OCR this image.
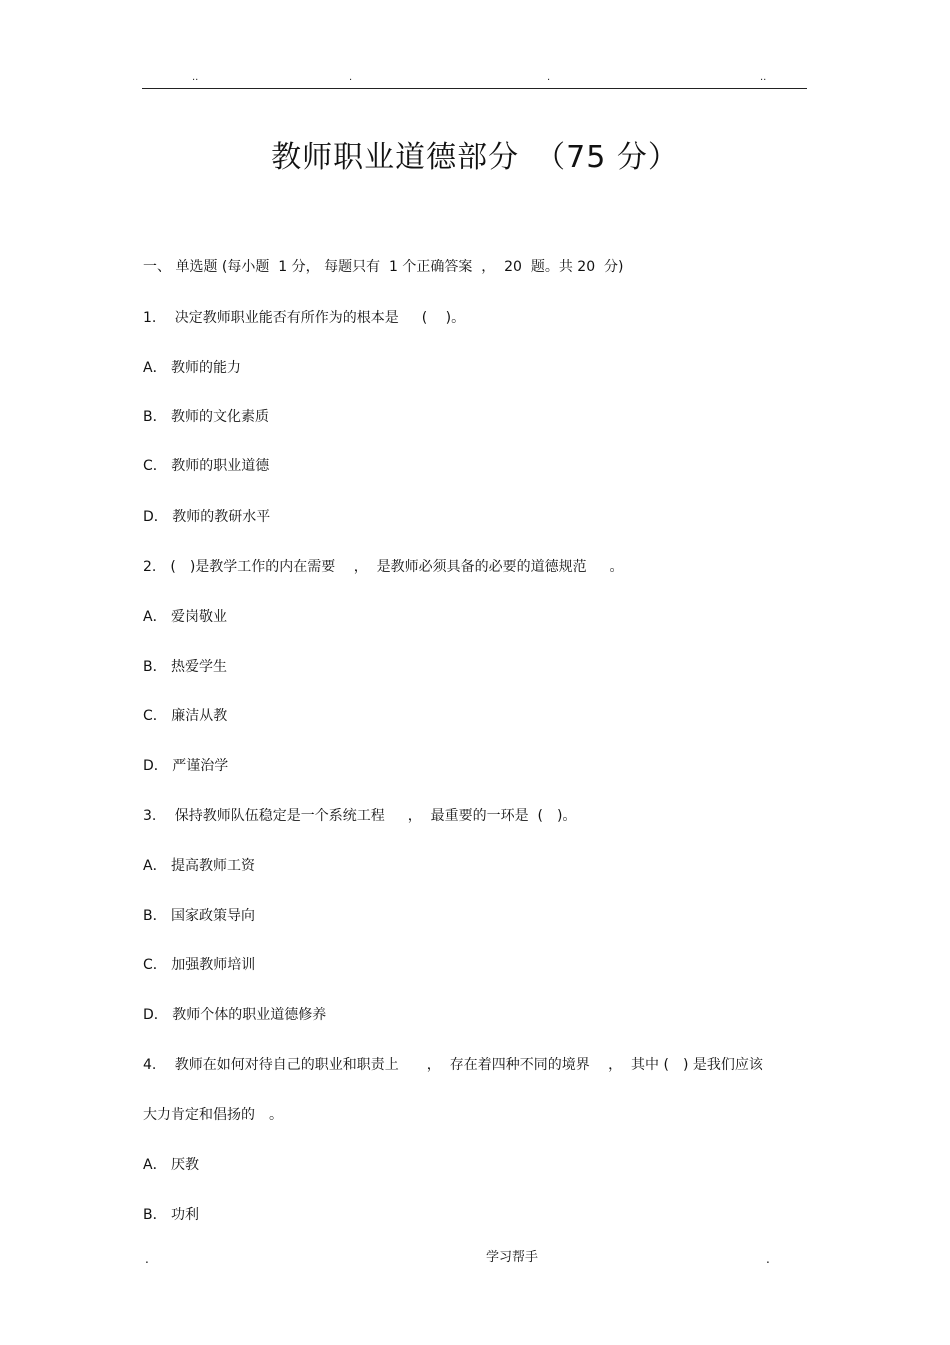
..	.	.	..
教师职业道德部分　（75 分）
一、 单选题 (每小题  1 分， 每题只有  1 个正确答案  ，  20  题。共 20  分)
1.　 决定教师职业能否有所作为的根本是　  (　 )。
A． 教师的能力
B． 教师的文化素质
C． 教师的职业道德
D． 教师的教研水平
2.　(　)是教学工作的内在需要　 ，  是教师必须具备的必要的道德规范　  。
A． 爱岗敬业
B． 热爱学生
C． 廉洁从教
D． 严谨治学
3.　 保持教师队伍稳定是一个系统工程　  ，  最重要的一环是  (　)。
A． 提高教师工资
B． 国家政策导向
C． 加强教师培训
D． 教师个体的职业道德修养
4.　 教师在如何对待自己的职业和职责上　　，  存在着四种不同的境界　 ，  其中 (　) 是我们应该
大力肯定和倡扬的　。
A． 厌教
B． 功利
.	学习帮手	.
